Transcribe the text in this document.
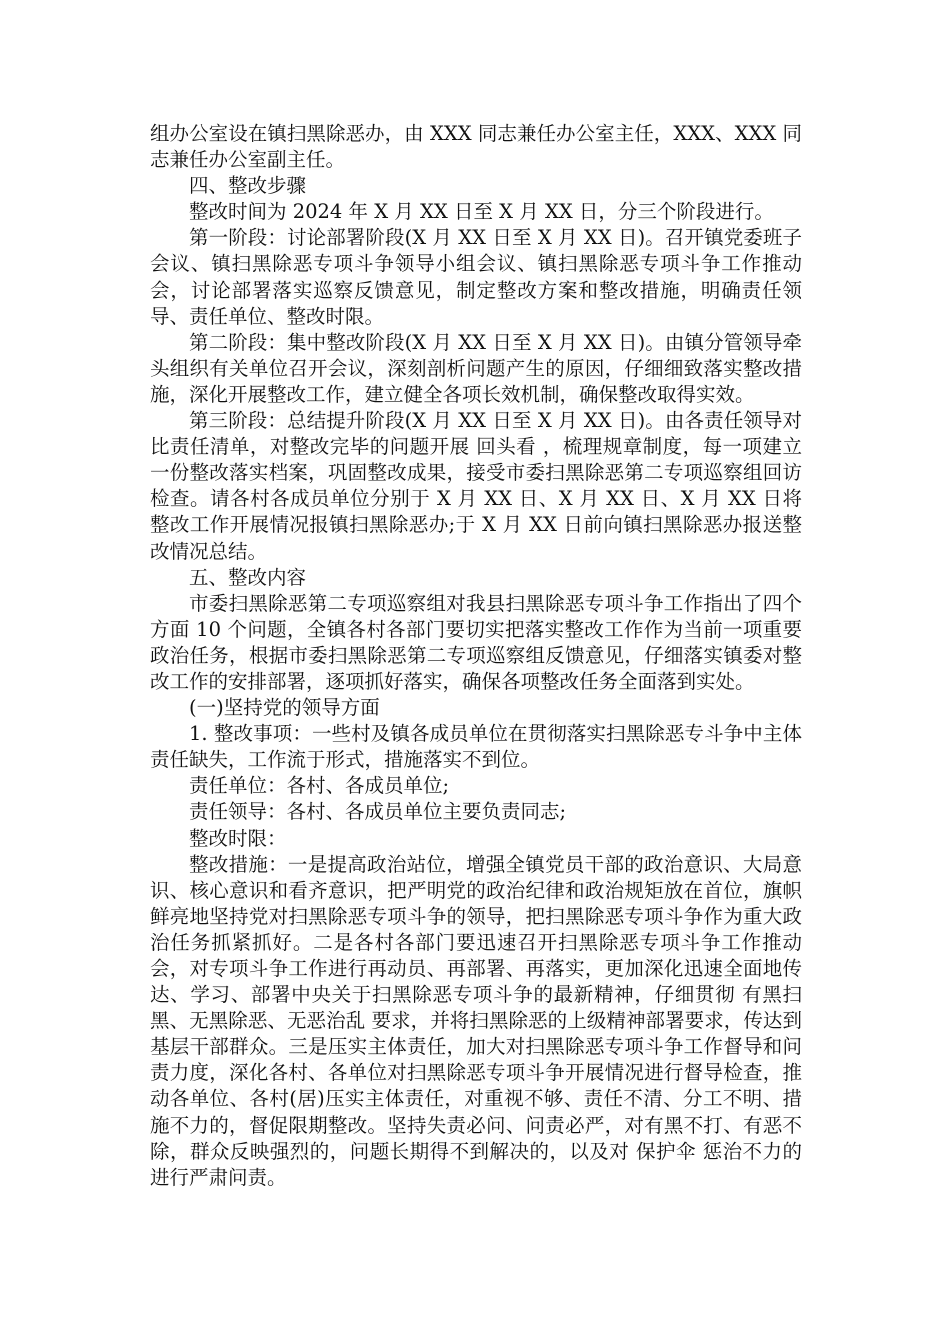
组办公室设在镇扫黑除恶办，由 XXX 同志兼任办公室主任，XXX、XXX 同志兼任办公室副主任。

四、整改步骤

整改时间为 2024 年 X 月 XX 日至 X 月 XX 日，分三个阶段进行。

第一阶段：讨论部署阶段(X 月 XX 日至 X 月 XX 日)。召开镇党委班子会议、镇扫黑除恶专项斗争领导小组会议、镇扫黑除恶专项斗争工作推动会，讨论部署落实巡察反馈意见，制定整改方案和整改措施，明确责任领导、责任单位、整改时限。

第二阶段：集中整改阶段(X 月 XX 日至 X 月 XX 日)。由镇分管领导牵头组织有关单位召开会议，深刻剖析问题产生的原因，仔细细致落实整改措施，深化开展整改工作，建立健全各项长效机制，确保整改取得实效。

第三阶段：总结提升阶段(X 月 XX 日至 X 月 XX 日)。由各责任领导对比责任清单，对整改完毕的问题开展 回头看 ，梳理规章制度，每一项建立一份整改落实档案，巩固整改成果，接受市委扫黑除恶第二专项巡察组回访检查。请各村各成员单位分别于 X 月 XX 日、X 月 XX 日、X 月 XX 日将整改工作开展情况报镇扫黑除恶办;于 X 月 XX 日前向镇扫黑除恶办报送整改情况总结。

五、整改内容

市委扫黑除恶第二专项巡察组对我县扫黑除恶专项斗争工作指出了四个方面 10 个问题，全镇各村各部门要切实把落实整改工作作为当前一项重要政治任务，根据市委扫黑除恶第二专项巡察组反馈意见，仔细落实镇委对整改工作的安排部署，逐项抓好落实，确保各项整改任务全面落到实处。

(一)坚持党的领导方面

1. 整改事项：一些村及镇各成员单位在贯彻落实扫黑除恶专斗争中主体责任缺失，工作流于形式，措施落实不到位。

责任单位：各村、各成员单位;

责任领导：各村、各成员单位主要负责同志;

整改时限：

整改措施：一是提高政治站位，增强全镇党员干部的政治意识、大局意识、核心意识和看齐意识，把严明党的政治纪律和政治规矩放在首位，旗帜鲜亮地坚持党对扫黑除恶专项斗争的领导，把扫黑除恶专项斗争作为重大政治任务抓紧抓好。二是各村各部门要迅速召开扫黑除恶专项斗争工作推动会，对专项斗争工作进行再动员、再部署、再落实，更加深化迅速全面地传达、学习、部署中央关于扫黑除恶专项斗争的最新精神，仔细贯彻 有黑扫黑、无黑除恶、无恶治乱 要求，并将扫黑除恶的上级精神部署要求，传达到基层干部群众。三是压实主体责任，加大对扫黑除恶专项斗争工作督导和问责力度，深化各村、各单位对扫黑除恶专项斗争开展情况进行督导检查，推动各单位、各村(居)压实主体责任，对重视不够、责任不清、分工不明、措施不力的，督促限期整改。坚持失责必问、问责必严，对有黑不打、有恶不除，群众反映强烈的，问题长期得不到解决的，以及对 保护伞 惩治不力的进行严肃问责。
